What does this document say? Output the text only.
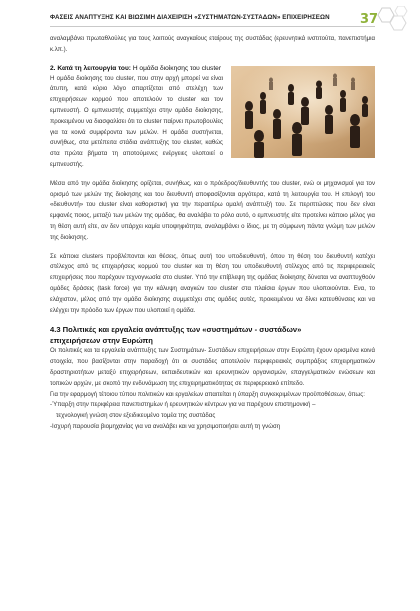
ΦΑΣΕΙΣ ΑΝΑΠΤΥΞΗΣ ΚΑΙ ΒΙΩΣΙΜΗ ΔΙΑΧΕΙΡΙΣΗ «ΣΥΣΤΗΜΑΤΩΝ-ΣΥΣΤΑΔΩΝ» ΕΠΙΧΕΙΡΗΣΕΩΝ	37

αναλαμβάνει πρωταθλούλες για τους λοιπούς αναγκαίους εταίρους της συστάδας (ερευνητικά ινστιτούτα, πανεπιστήμια κ.λπ.).

2. Κατά τη λειτουργία του: Η ομάδα διοίκησης του cluster

Η ομάδα διοίκησης του cluster, που στην αρχή μπορεί να είναι άτυπη, κατά κύριο λόγο απαρτίζεται από στελέχη των επιχειρήσεων κορμού που αποτελούν το cluster και τον εμπνευστή. Ο εμπνευστής συμμετέχει στην ομάδα διοίκησης, προκειμένου να διασφαλίσει ότι το cluster παίρνει πρωτοβουλίες για τα κοινά συμφέροντα των μελών. Η ομάδα συστήνεται, συνήθως, στα μετέπειτα στάδια ανάπτυξης του cluster, καθώς στα πρώτα βήματα τη αποτούμενες ενέργειες υλοποιεί ο εμπνευστής.

Μέσα από την ομάδα διοίκησης ορίζεται, συνήθως, και ο πρόεδρος/διευθυντής του cluster, ενώ οι μηχανισμοί για τον ορισμό των μελών της διοίκησης και του διευθυντή αποφασίζονται αργότερα, κατά τη λειτουργία του. Η επιλογή του «διευθυντή» του cluster είναι καθοριστική για την περαιτέρω ομαλή ανάπτυξή του. Σε περιπτώσεις που δεν είναι εμφανές ποιος, μεταξύ των μελών της ομάδας, θα αναλάβει το ρόλο αυτό, ο εμπνευστής είτε προτείνει κάποιο μέλος για τη θέση αυτή είτε, αν δεν υπάρχει καμία υποψηφιότητα, αναλαμβάνει ο ίδιος, με τη σύμφωνη πάντα γνώμη των μελών της διοίκησης.

Σε κάποια clusters προβλέπονται και θέσεις, όπως αυτή του υποδιευθυντή, όπου τη θέση του διευθυντή κατέχει στέλεχος από τις επιχειρήσεις κορμού του cluster και τη θέση του υποδιευθυντή στέλεχος από τις περιφερειακές επιχειρήσεις που παρέχουν τεχνογνωσία στο cluster. Υπό την επίβλεψη της ομάδας διοίκησης δύναται να αναπτυχθούν ομάδες δράσεις (task force) για την κάλυψη αναγκών του cluster στα πλαίσια έργων που υλοποιούνται. Ενα, το ελάχιστον, μέλος από την ομάδα διοίκησης συμμετέχει στις ομάδες αυτές, προκειμένου να δίνει κατευθύνσεις και να ελέγχει την πρόοδο των έργων που υλοποιεί η ομάδα.

4.3 Πολιτικές και εργαλεία ανάπτυξης των «συστημάτων - συστάδων»

επιχειρήσεων στην Ευρώπη

Οι πολιτικές και τα εργαλεία ανάπτυξης των Συστημάτων- Συστάδων επιχειρήσεων στην Ευρώπη έχουν ορισμένα κοινά στοιχεία, που βασίζονται στην παραδοχή ότι οι συστάδες αποτελούν περιφερειακές συμπράξεις επιχειρηματικών δραστηριοτήτων μεταξύ επιχειρήσεων, εκπαιδευτικών και ερευνητικών οργανισμών, επαγγελματικών ενώσεων και τοπικών αρχών, με σκοπό την ενδυνάμωση της επιχειρηματικότητας σε περιφερειακό επίπεδο.

Για την εφαρμογή τέτοιου τύπου πολιτικών και εργαλείων απαιτείται η ύπαρξη συγκεκριμένων προϋποθέσεων, όπως:

-Ύπαρξη στην περιφέρεια πανεπιστημίων ή ερευνητικών κέντρων για να παρέχουν επιστημονική –

τεχνολογική γνώση στον εξειδικευμένο τομέα της συστάδας

-Ισχυρή παρουσία βιομηχανίας για να αναλάβει και να χρησιμοποιήσει αυτή τη γνώση
